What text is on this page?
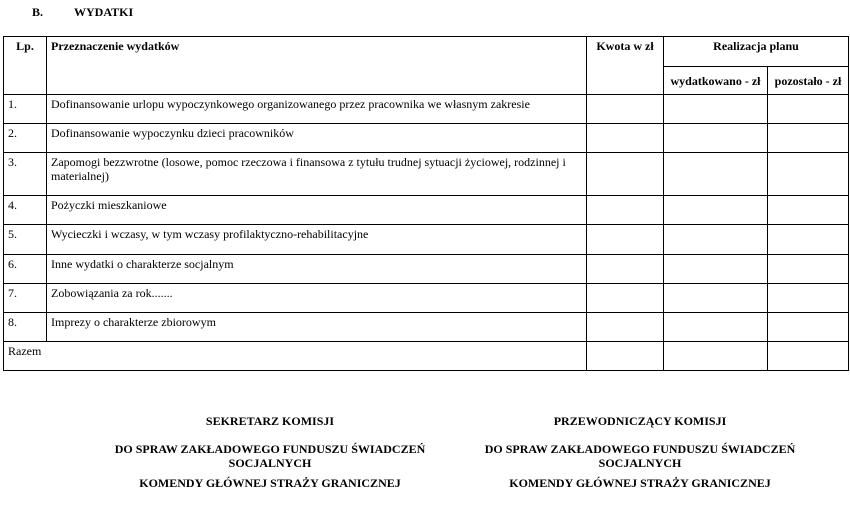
B.	WYDATKI
Lp.	Przeznaczenie wydatków	Kwota w zł	Realizacja planu	
			wydatkowano - zł	pozostało - zł
1.	Dofinansowanie urlopu wypoczynkowego organizowanego przez pracownika we własnym zakresie			
2.	Dofinansowanie wypoczynku dzieci pracowników			
3.	Zapomogi bezzwrotne (losowe, pomoc rzeczowa i finansowa z tytułu trudnej sytuacji życiowej, rodzinnej i materialnej)			
4.	Pożyczki mieszkaniowe			
5.	Wycieczki i wczasy, w tym wczasy profilaktyczno-rehabilitacyjne			
6.	Inne wydatki o charakterze socjalnym			
7.	Zobowiązania za rok.......			
8.	Imprezy o charakterze zbiorowym			
Razem				

SEKRETARZ KOMISJI

DO SPRAW ZAKŁADOWEGO FUNDUSZU ŚWIADCZEŃ SOCJALNYCH

KOMENDY GŁÓWNEJ STRAŻY GRANICZNEJ

PRZEWODNICZĄCY KOMISJI

DO SPRAW ZAKŁADOWEGO FUNDUSZU ŚWIADCZEŃ SOCJALNYCH

KOMENDY GŁÓWNEJ STRAŻY GRANICZNEJ
